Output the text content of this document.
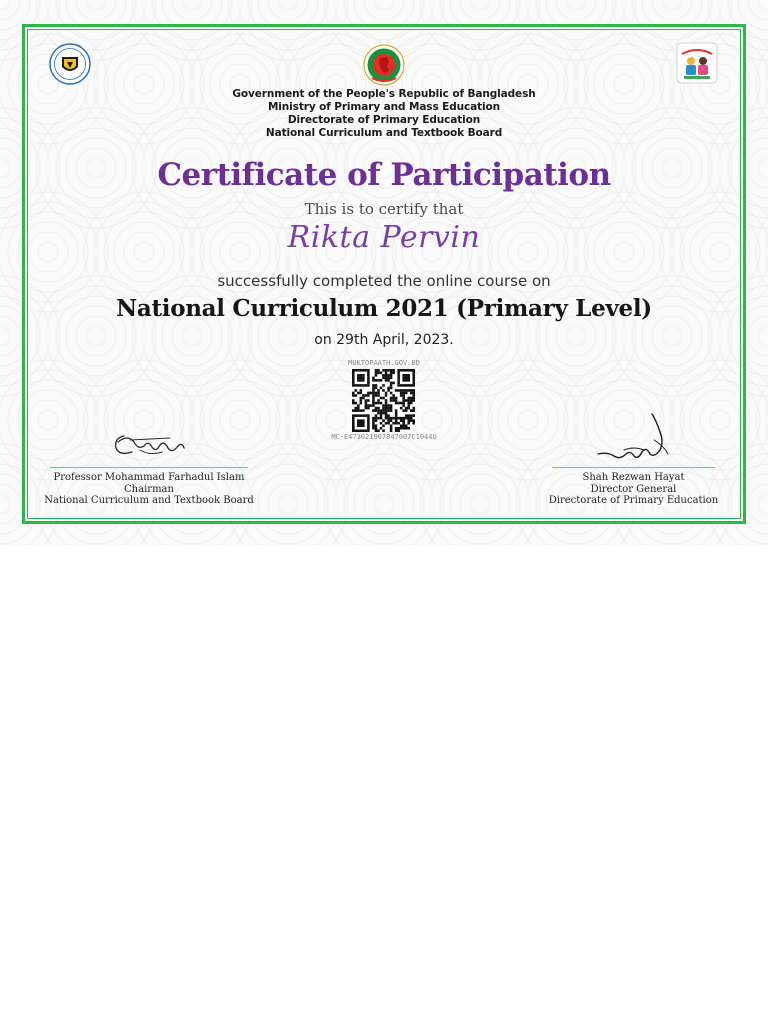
Government of the People's Republic of Bangladesh
Ministry of Primary and Mass Education
Directorate of Primary Education
National Curriculum and Textbook Board
Certificate of Participation
This is to certify that
Rikta Pervin
successfully completed the online course on
National Curriculum 2021 (Primary Level)
on 29th April, 2023.
MUKTOPAATH.GOV.BD
MC-E473021907847007C1044U
Professor Mohammad Farhadul Islam
Chairman
National Curriculum and Textbook Board
Shah Rezwan Hayat
Director General
Directorate of Primary Education
